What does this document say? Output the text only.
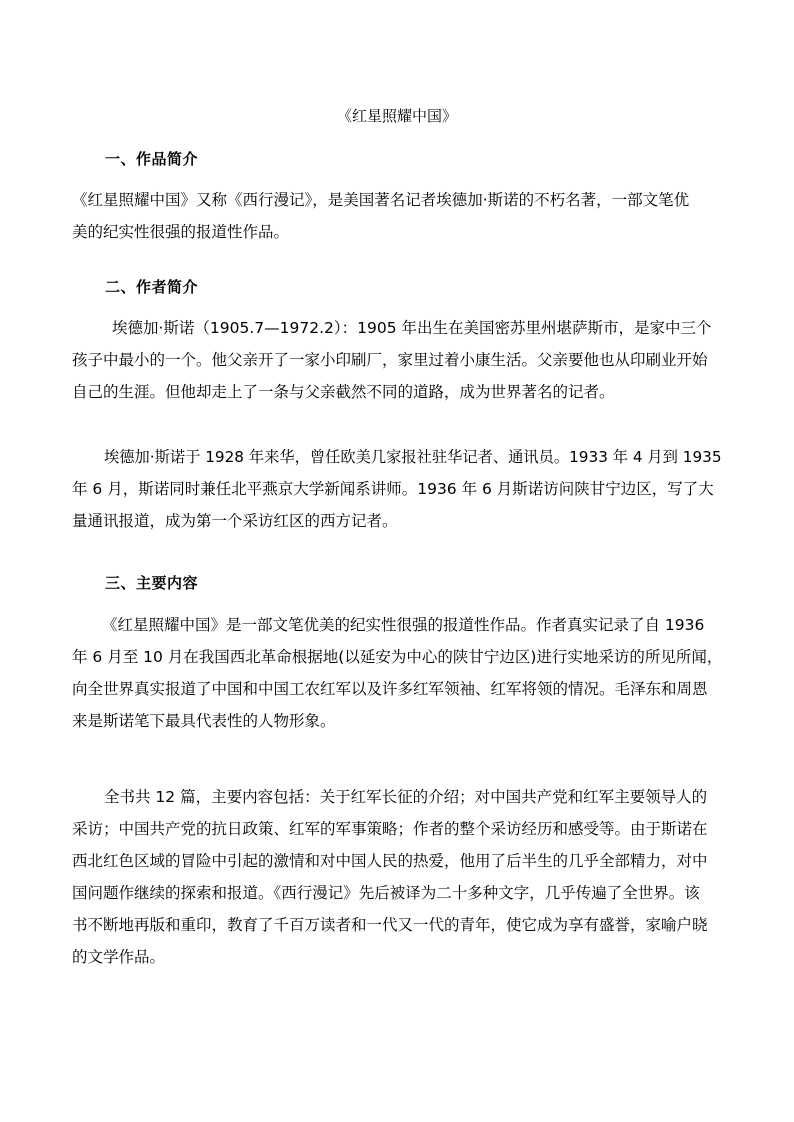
《红星照耀中国》
一、作品简介
《红星照耀中国》又称《西行漫记》，是美国著名记者埃德加·斯诺的不朽名著，一部文笔优
美的纪实性很强的报道性作品。
二、作者简介
埃德加·斯诺（1905.7—1972.2）：1905 年出生在美国密苏里州堪萨斯市，是家中三个
孩子中最小的一个。他父亲开了一家小印刷厂，家里过着小康生活。父亲要他也从印刷业开始
自己的生涯。但他却走上了一条与父亲截然不同的道路，成为世界著名的记者。
埃德加·斯诺于 1928 年来华，曾任欧美几家报社驻华记者、通讯员。1933 年 4 月到 1935
年 6 月，斯诺同时兼任北平燕京大学新闻系讲师。1936 年 6 月斯诺访问陕甘宁边区，写了大
量通讯报道，成为第一个采访红区的西方记者。
三、主要内容
《红星照耀中国》是一部文笔优美的纪实性很强的报道性作品。作者真实记录了自 1936
年 6 月至 10 月在我国西北革命根据地(以延安为中心的陕甘宁边区)进行实地采访的所见所闻，
向全世界真实报道了中国和中国工农红军以及许多红军领袖、红军将领的情况。毛泽东和周恩
来是斯诺笔下最具代表性的人物形象。
全书共 12 篇，主要内容包括：关于红军长征的介绍；对中国共产党和红军主要领导人的
采访；中国共产党的抗日政策、红军的军事策略；作者的整个采访经历和感受等。由于斯诺在
西北红色区域的冒险中引起的激情和对中国人民的热爱，他用了后半生的几乎全部精力，对中
国问题作继续的探索和报道。《西行漫记》先后被译为二十多种文字，几乎传遍了全世界。该
书不断地再版和重印，教育了千百万读者和一代又一代的青年，使它成为享有盛誉，家喻户晓
的文学作品。
